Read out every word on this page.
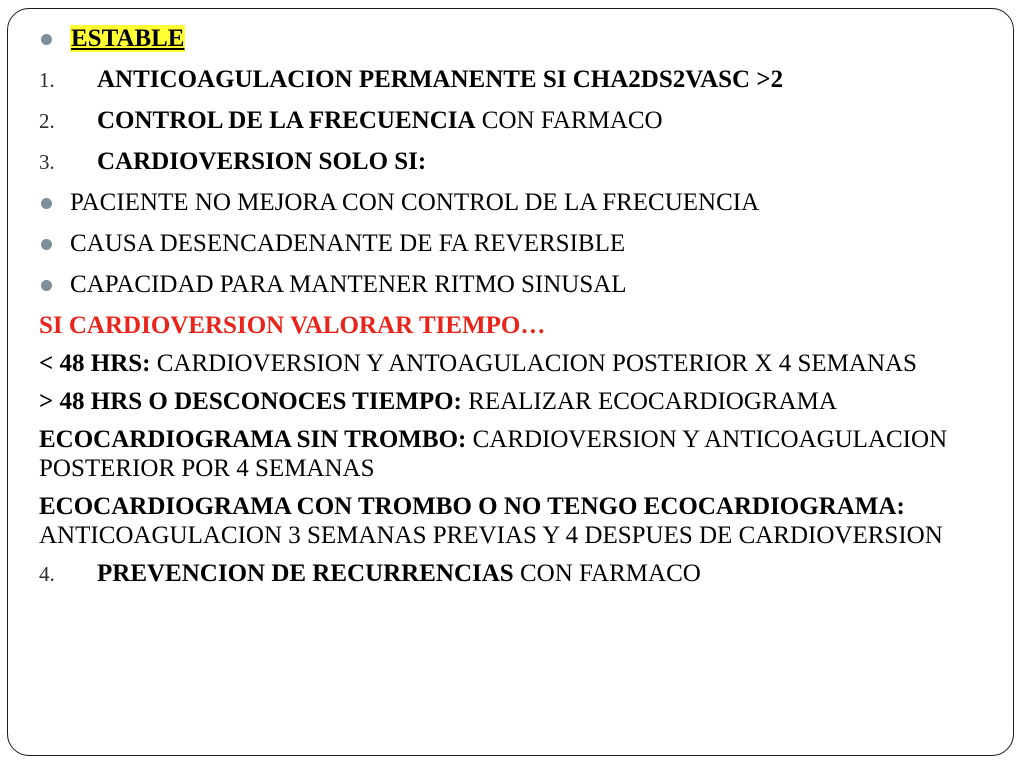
ESTABLE
1. ANTICOAGULACION PERMANENTE SI CHA2DS2VASC >2
2. CONTROL DE LA FRECUENCIA CON FARMACO
3. CARDIOVERSION SOLO SI:
PACIENTE NO MEJORA CON CONTROL DE LA FRECUENCIA
CAUSA DESENCADENANTE DE FA REVERSIBLE
CAPACIDAD PARA MANTENER RITMO SINUSAL
SI CARDIOVERSION VALORAR TIEMPO…
< 48 HRS: CARDIOVERSION Y ANTOAGULACION POSTERIOR X 4 SEMANAS
> 48 HRS O DESCONOCES TIEMPO: REALIZAR ECOCARDIOGRAMA
ECOCARDIOGRAMA SIN TROMBO: CARDIOVERSION Y ANTICOAGULACION POSTERIOR POR 4 SEMANAS
ECOCARDIOGRAMA CON TROMBO O NO TENGO ECOCARDIOGRAMA: ANTICOAGULACION 3 SEMANAS PREVIAS Y 4 DESPUES DE CARDIOVERSION
4. PREVENCION DE RECURRENCIAS CON FARMACO
